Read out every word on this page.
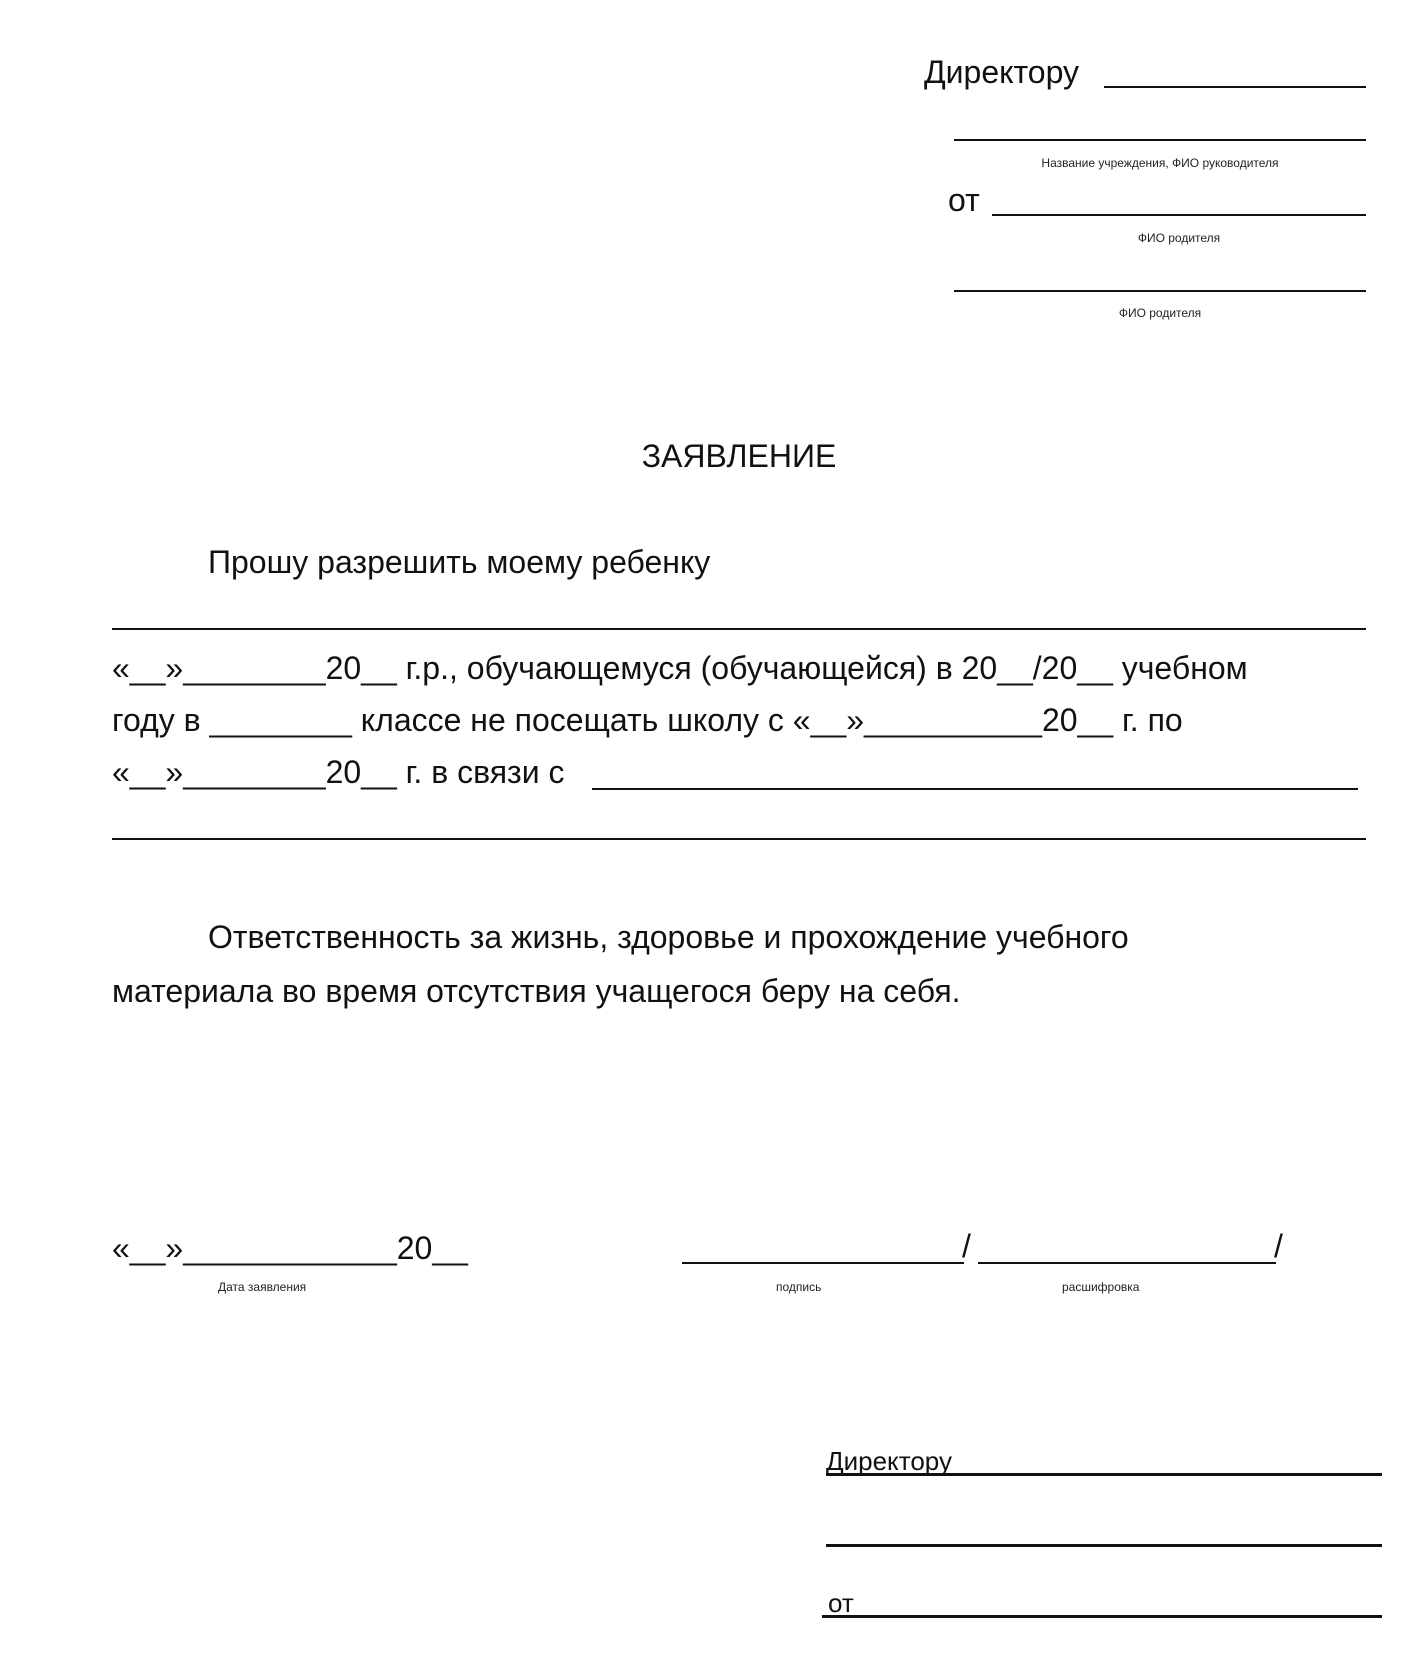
Директору
Название учреждения, ФИО руководителя
от
ФИО родителя
ФИО родителя
ЗАЯВЛЕНИЕ
Прошу разрешить моему ребенку
«__»________20__ г.р., обучающемуся (обучающейся) в 20__/20__ учебном
году в ________ классе не посещать школу с «__»__________20__ г. по
«__»________20__ г. в связи с
Ответственность за жизнь, здоровье и прохождение учебного материала во время отсутствия учащегося беру на себя.
«__»____________20__
Дата заявления
/	/
подпись	расшифровка
Директору
от
